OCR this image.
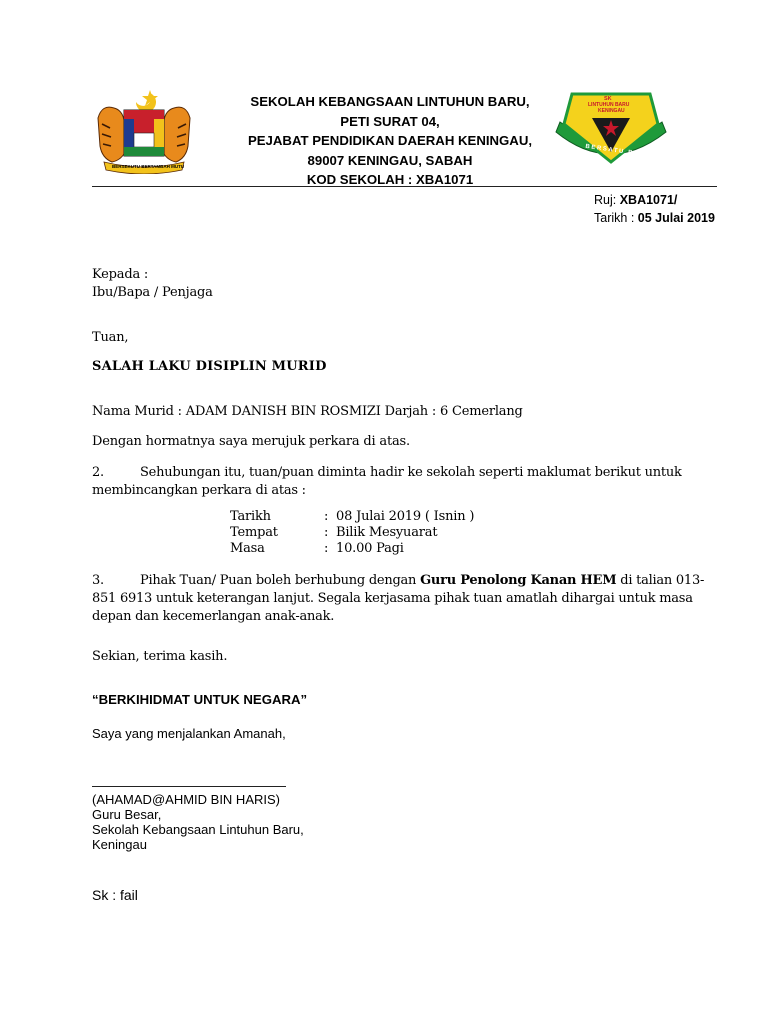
BERSEKUTU BERTAMBAH MUTU
SEKOLAH KEBANGSAAN LINTUHUN BARU,
PETI SURAT 04,
PEJABAT PENDIDIKAN DAERAH KENINGAU,
89007 KENINGAU, SABAH
KOD SEKOLAH : XBA1071
SK
LINTUHUN BARU
KENINGAU
BERSATU BERUSAHA
Ruj: XBA1071/
Tarikh : 05 Julai 2019
Kepada :
Ibu/Bapa / Penjaga
Tuan,
SALAH LAKU DISIPLIN MURID
Nama Murid : ADAM DANISH BIN ROSMIZI Darjah : 6 Cemerlang
Dengan hormatnya saya merujuk perkara di atas.
2.	Sehubungan itu, tuan/puan diminta hadir ke sekolah seperti maklumat berikut untuk membincangkan perkara di atas :
Tarikh	: 08 Julai 2019 ( Isnin )
Tempat	: Bilik Mesyuarat
Masa	: 10.00 Pagi
3.	Pihak Tuan/ Puan boleh berhubung dengan Guru Penolong Kanan HEM di talian 013-851 6913 untuk keterangan lanjut. Segala kerjasama pihak tuan amatlah dihargai untuk masa depan dan kecemerlangan anak-anak.
Sekian, terima kasih.
“BERKIHIDMAT UNTUK NEGARA”
Saya yang menjalankan Amanah,
(AHAMAD@AHMID BIN HARIS)
Guru Besar,
Sekolah Kebangsaan Lintuhun Baru,
Keningau
Sk : fail
